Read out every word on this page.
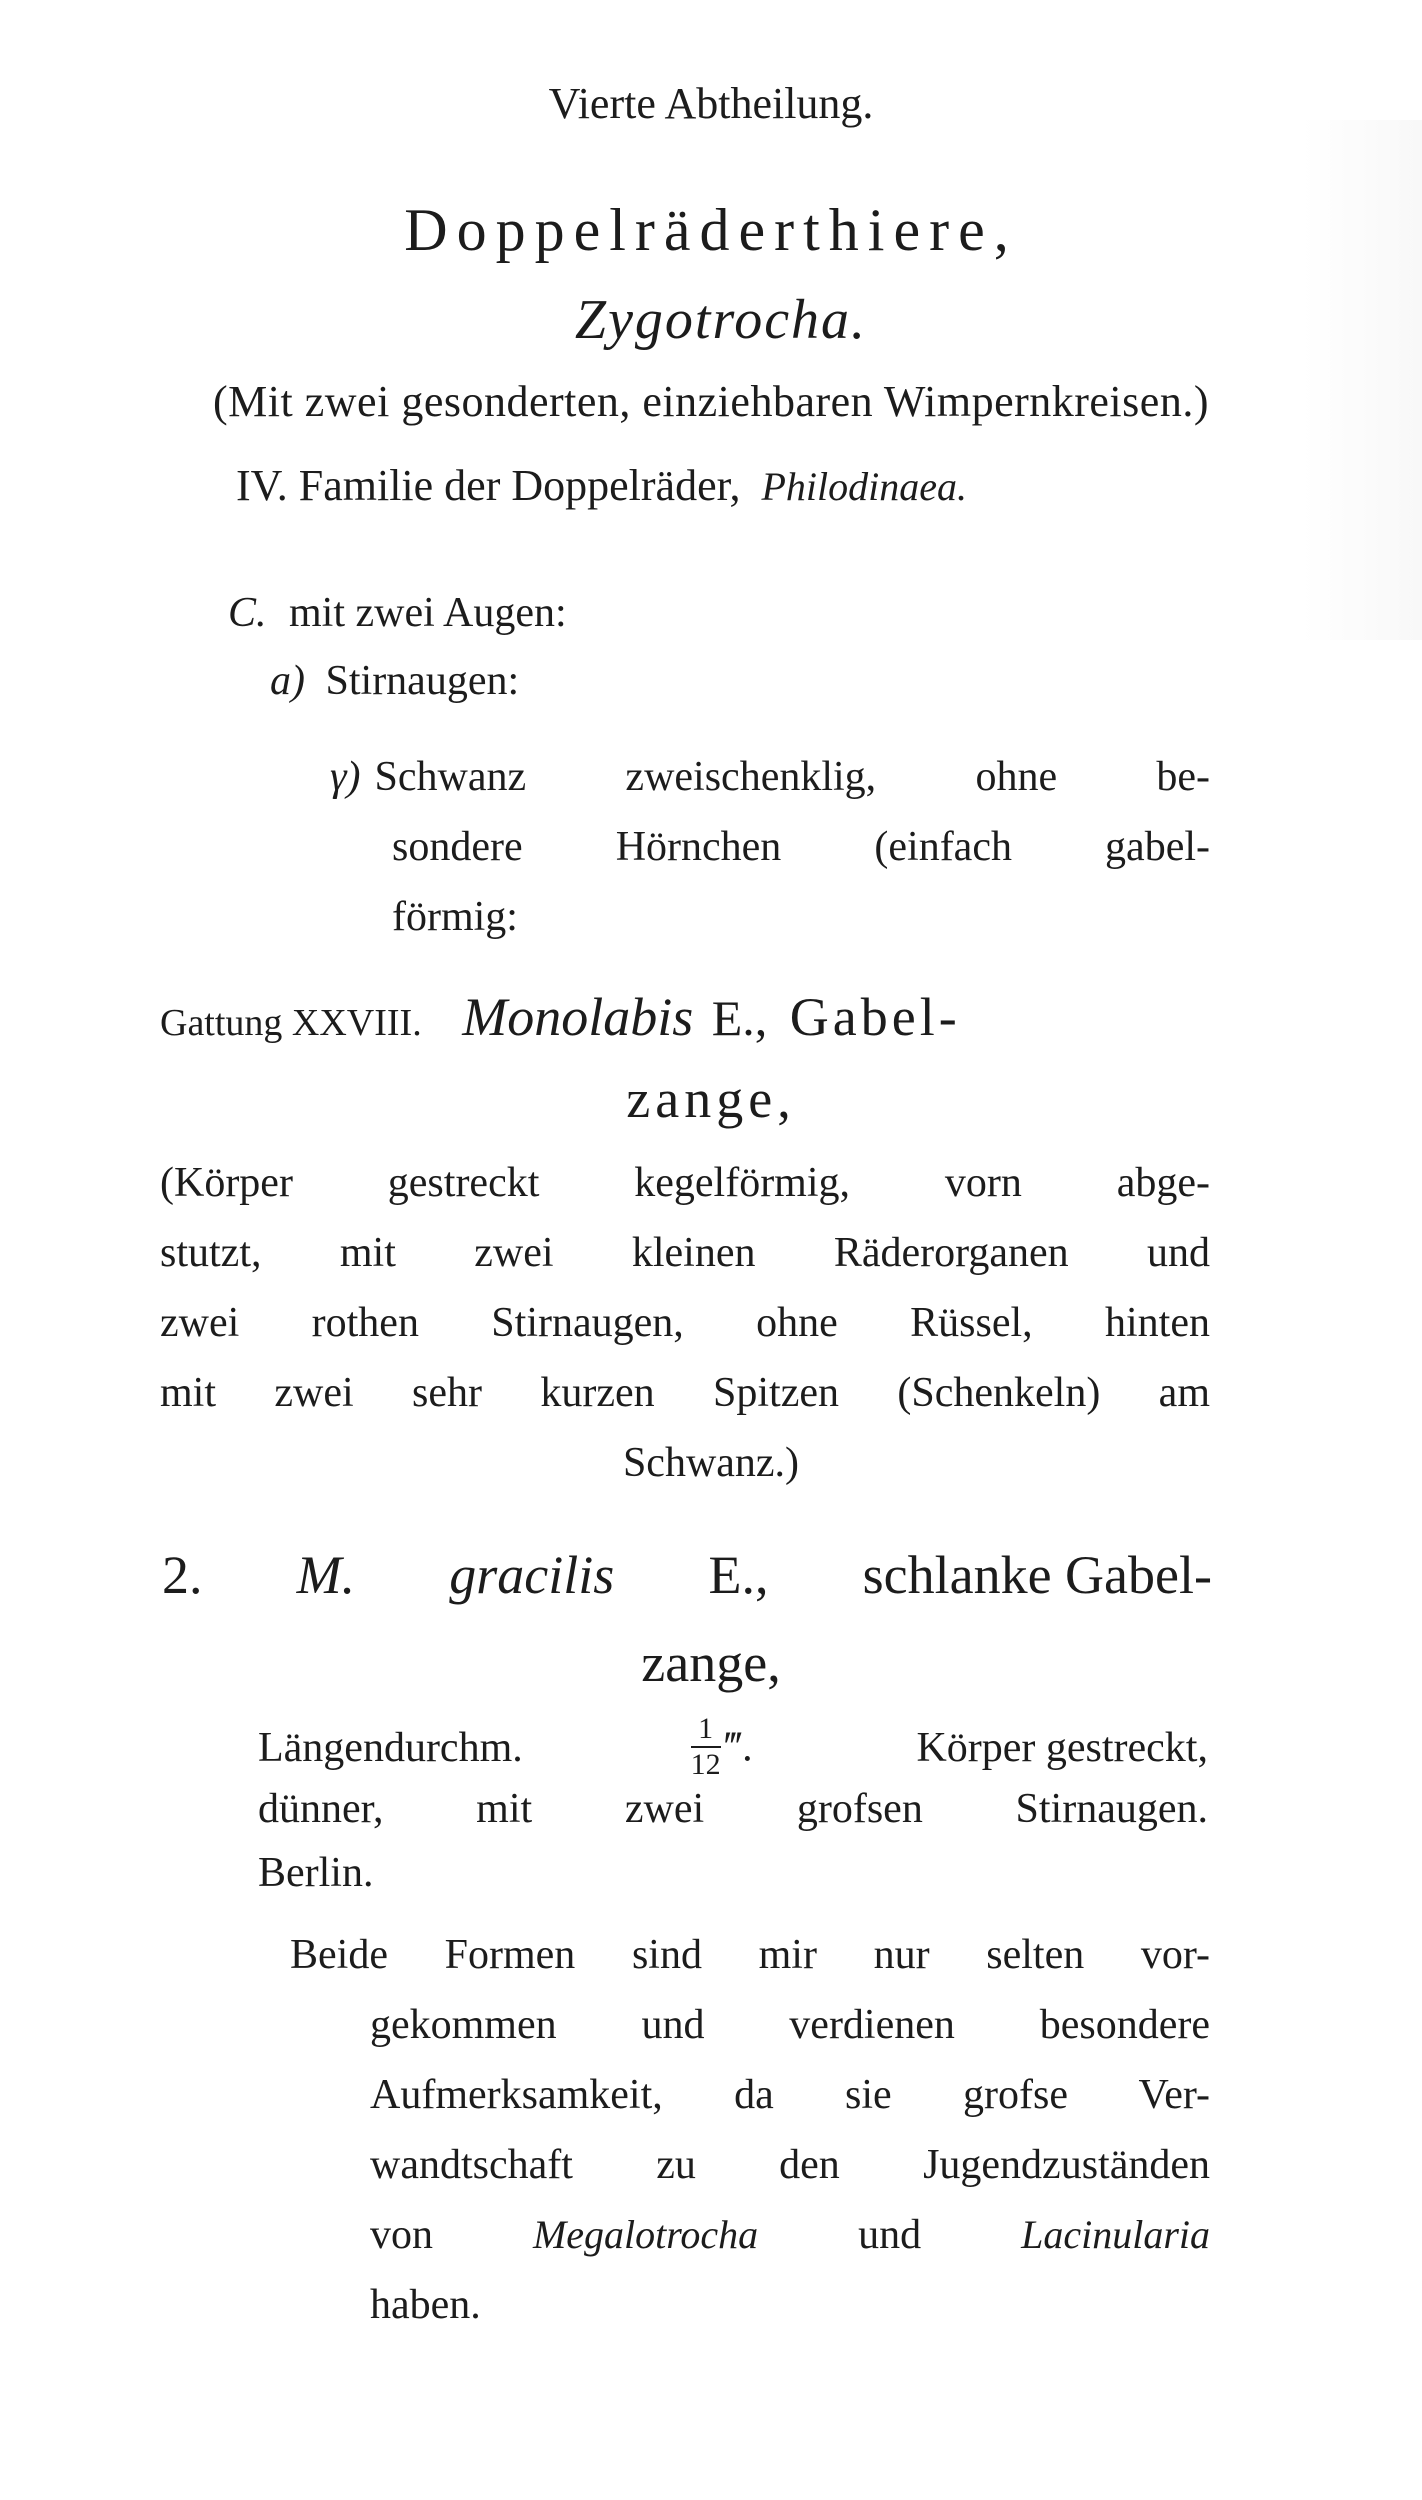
Vierte Abtheilung.
Doppelräderthiere,
Zygotrocha.
(Mit zwei gesonderten, einziehbaren Wimpernkreisen.)
IV. Familie der Doppelräder, Philodinaea.
C. mit zwei Augen:
a) Stirnaugen:
γ) Schwanz zweischenklig, ohne be-
sondere Hörnchen (einfach gabel-
förmig:
Gattung XXVIII. Monolabis E., Gabel-
zange,
(Körper gestreckt kegelförmig, vorn abge-
stutzt, mit zwei kleinen Räderorganen und
zwei rothen Stirnaugen, ohne Rüssel, hinten
mit zwei sehr kurzen Spitzen (Schenkeln) am
Schwanz.)
2. M. gracilis E., schlanke Gabel-
zange,
Längendurchm.	$\frac{1}{12}$ ‴.	Körper gestreckt,
dünner, mit zwei grofsen Stirnaugen.
Berlin.
Beide Formen sind mir nur selten vor-
gekommen und verdienen besondere
Aufmerksamkeit, da sie grofse Ver-
wandtschaft zu den Jugendzuständen
von Megalotrocha und Lacinularia
haben.
